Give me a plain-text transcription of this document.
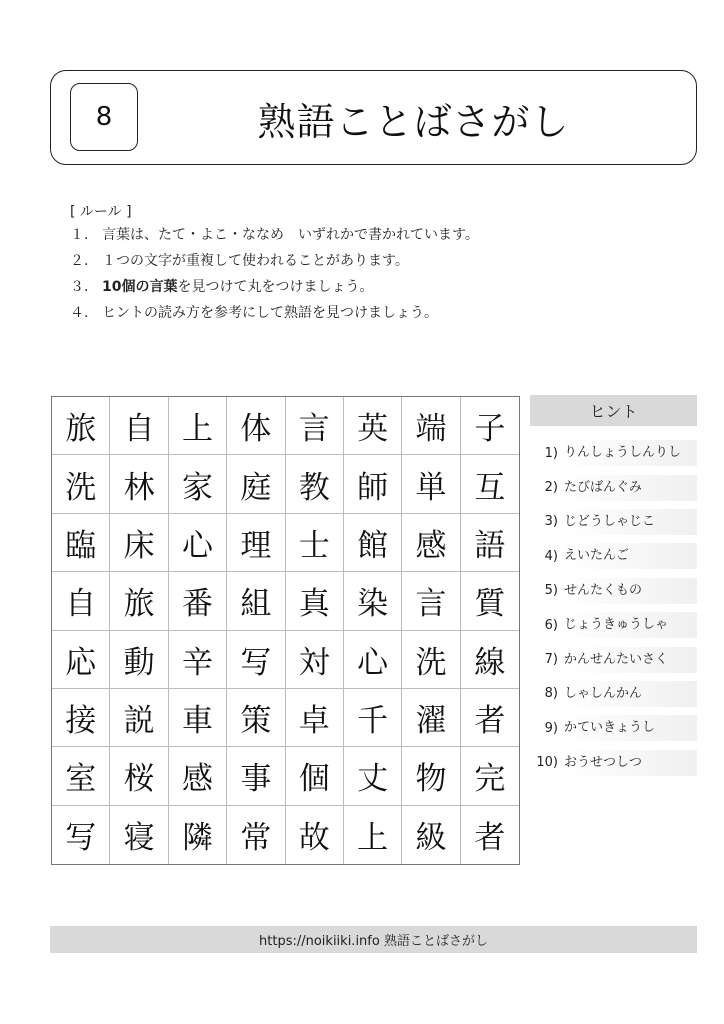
8	熟語ことばさがし
[ ルール ]
１. 言葉は、たて・よこ・ななめ　いずれかで書かれています。
２. １つの文字が重複して使われることがあります。
３. 10個の言葉を見つけて丸をつけましょう。
４. ヒントの読み方を参考にして熟語を見つけましょう。
旅 自 上 体 言 英 端 子
洗 林 家 庭 教 師 単 互
臨 床 心 理 士 館 感 語
自 旅 番 組 真 染 言 質
応 動 辛 写 対 心 洗 線
接 説 車 策 卓 千 濯 者
室 桜 感 事 個 丈 物 完
写 寝 隣 常 故 上 級 者
ヒント
1) りんしょうしんりし
2) たびばんぐみ
3) じどうしゃじこ
4) えいたんご
5) せんたくもの
6) じょうきゅうしゃ
7) かんせんたいさく
8) しゃしんかん
9) かていきょうし
10) おうせつしつ
https://noikiiki.info 熟語ことばさがし
